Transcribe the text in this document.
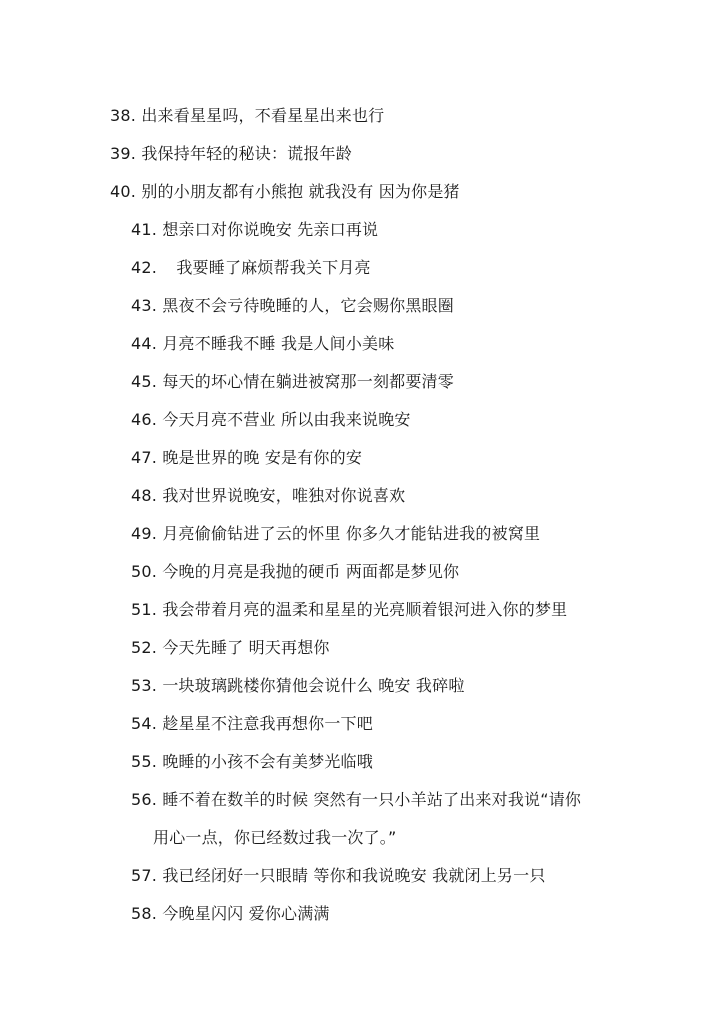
38. 出来看星星吗，不看星星出来也行
39. 我保持年轻的秘诀：谎报年龄
40. 别的小朋友都有小熊抱 就我没有 因为你是猪
41. 想亲口对你说晚安 先亲口再说
42. 我要睡了麻烦帮我关下月亮
43. 黑夜不会亏待晚睡的人，它会赐你黑眼圈
44. 月亮不睡我不睡 我是人间小美味
45. 每天的坏心情在躺进被窝那一刻都要清零
46. 今天月亮不营业 所以由我来说晚安
47. 晚是世界的晚 安是有你的安
48. 我对世界说晚安，唯独对你说喜欢
49. 月亮偷偷钻进了云的怀里 你多久才能钻进我的被窝里
50. 今晚的月亮是我抛的硬币 两面都是梦见你
51. 我会带着月亮的温柔和星星的光亮顺着银河进入你的梦里
52. 今天先睡了 明天再想你
53. 一块玻璃跳楼你猜他会说什么 晚安 我碎啦
54. 趁星星不注意我再想你一下吧
55. 晚睡的小孩不会有美梦光临哦
56. 睡不着在数羊的时候 突然有一只小羊站了出来对我说“请你
用心一点，你已经数过我一次了。”
57. 我已经闭好一只眼睛 等你和我说晚安 我就闭上另一只
58. 今晚星闪闪 爱你心满满
